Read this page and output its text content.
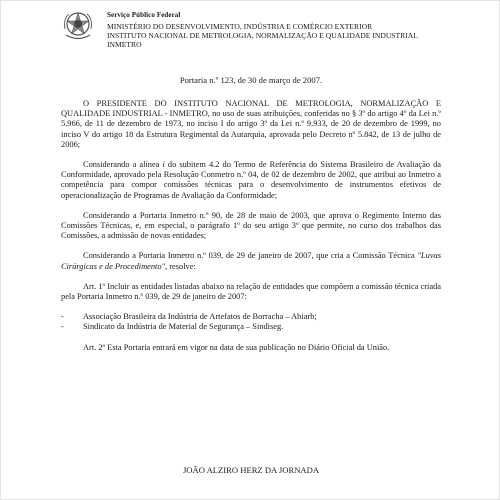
Serviço Público Federal
MINISTÉRIO DO DESENVOLVIMENTO, INDÚSTRIA E COMÉRCIO EXTERIOR
INSTITUTO NACIONAL DE METROLOGIA, NORMALIZAÇÃO E QUALIDADE INDUSTRIAL
INMETRO
Portaria n.º 123, de 30 de março de 2007.

O PRESIDENTE DO INSTITUTO NACIONAL DE METROLOGIA, NORMALIZAÇÃO E QUALIDADE INDUSTRIAL - INMETRO, no uso de suas atribuições, conferidas no § 3º do artigo 4º da Lei n.º 5.966, de 11 de dezembro de 1973, no inciso I do artigo 3º da Lei n.º 9.933, de 20 de dezembro de 1999, no inciso V do artigo 18 da Estrutura Regimental da Autarquia, aprovada pelo Decreto nº 5.842, de 13 de julho de 2006;

Considerando a alínea i do subitem 4.2 do Termo de Referência do Sistema Brasileiro de Avaliação da Conformidade, aprovado pela Resolução Conmetro n.º 04, de 02 de dezembro de 2002, que atribui ao Inmetro a competência para compor comissões técnicas para o desenvolvimento de instrumentos efetivos de operacionalização de Programas de Avaliação da Conformidade;

Considerando a Portaria Inmetro n.º 90, de 28 de maio de 2003, que aprova o Regimento Interno das Comissões Técnicas, e, em especial, o parágrafo 1º do seu artigo 3º que permite, no curso dos trabalhos das Comissões, a admissão de novas entidades;

Considerando a Portaria Inmetro n.º 039, de 29 de janeiro de 2007, que cria a Comissão Técnica "Luvas Cirúrgicas e de Procedimento", resolve:

Art. 1º Incluir as entidades listadas abaixo na relação de entidades que compõem a comissão técnica criada pela Portaria Inmetro n.º 039, de 29 de janeiro de 2007:

- Associação Brasileira da Indústria de Artefatos de Borracha – Abiarb;
- Sindicato da Indústria de Material de Segurança – Sindiseg.

Art. 2º Esta Portaria entrará em vigor na data de sua publicação no Diário Oficial da União.

JOÃO ALZIRO HERZ DA JORNADA
